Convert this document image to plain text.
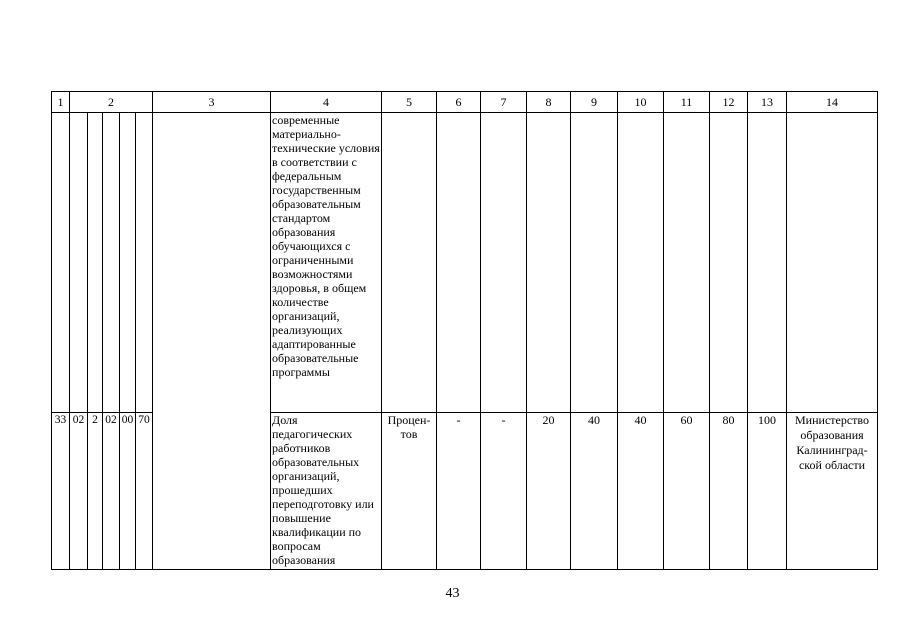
1	2					3	4	5	6	7	8	9	10	11	12	13	14
							современные материально-технические условия в соответствии с федеральным государственным образовательным стандартом образования обучающихся с ограниченными возможностями здоровья, в общем количестве организаций, реализующих адаптированные образовательные программы										
33	02	2	02	00	70		Доля педагогических работников образовательных организаций, прошедших переподготовку или повышение квалификации по вопросам образования	Процен-тов	-	-	20	40	40	60	80	100	Министерство образования Калининград-ской области
43
